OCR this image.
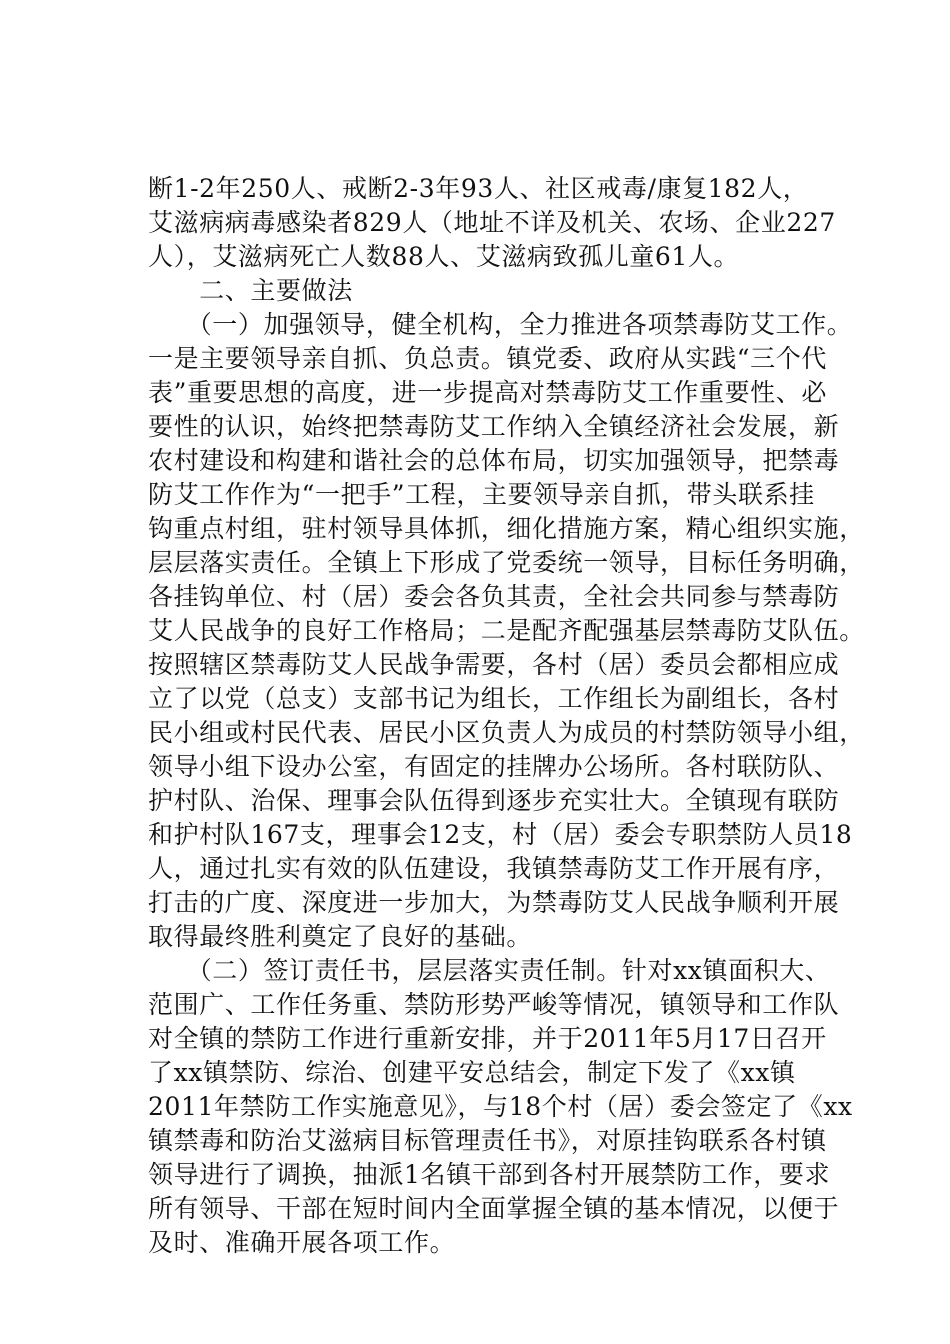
断1-2年250人、戒断2-3年93人、社区戒毒/康复182人，
艾滋病病毒感染者829人（地址不详及机关、农场、企业227
人），艾滋病死亡人数88人、艾滋病致孤儿童61人。
　　二、主要做法
　　（一）加强领导，健全机构，全力推进各项禁毒防艾工作。
一是主要领导亲自抓、负总责。镇党委、政府从实践“三个代
表”重要思想的高度，进一步提高对禁毒防艾工作重要性、必
要性的认识，始终把禁毒防艾工作纳入全镇经济社会发展，新
农村建设和构建和谐社会的总体布局，切实加强领导，把禁毒
防艾工作作为“一把手”工程，主要领导亲自抓，带头联系挂
钩重点村组，驻村领导具体抓，细化措施方案，精心组织实施，
层层落实责任。全镇上下形成了党委统一领导，目标任务明确，
各挂钩单位、村（居）委会各负其责，全社会共同参与禁毒防
艾人民战争的良好工作格局；二是配齐配强基层禁毒防艾队伍。
按照辖区禁毒防艾人民战争需要，各村（居）委员会都相应成
立了以党（总支）支部书记为组长，工作组长为副组长，各村
民小组或村民代表、居民小区负责人为成员的村禁防领导小组，
领导小组下设办公室，有固定的挂牌办公场所。各村联防队、
护村队、治保、理事会队伍得到逐步充实壮大。全镇现有联防
和护村队167支，理事会12支，村（居）委会专职禁防人员18
人，通过扎实有效的队伍建设，我镇禁毒防艾工作开展有序，
打击的广度、深度进一步加大，为禁毒防艾人民战争顺利开展
取得最终胜利奠定了良好的基础。
　　（二）签订责任书，层层落实责任制。针对xx镇面积大、
范围广、工作任务重、禁防形势严峻等情况，镇领导和工作队
对全镇的禁防工作进行重新安排，并于2011年5月17日召开
了xx镇禁防、综治、创建平安总结会，制定下发了《xx镇
2011年禁防工作实施意见》，与18个村（居）委会签定了《xx
镇禁毒和防治艾滋病目标管理责任书》，对原挂钩联系各村镇
领导进行了调换，抽派1名镇干部到各村开展禁防工作，要求
所有领导、干部在短时间内全面掌握全镇的基本情况，以便于
及时、准确开展各项工作。
